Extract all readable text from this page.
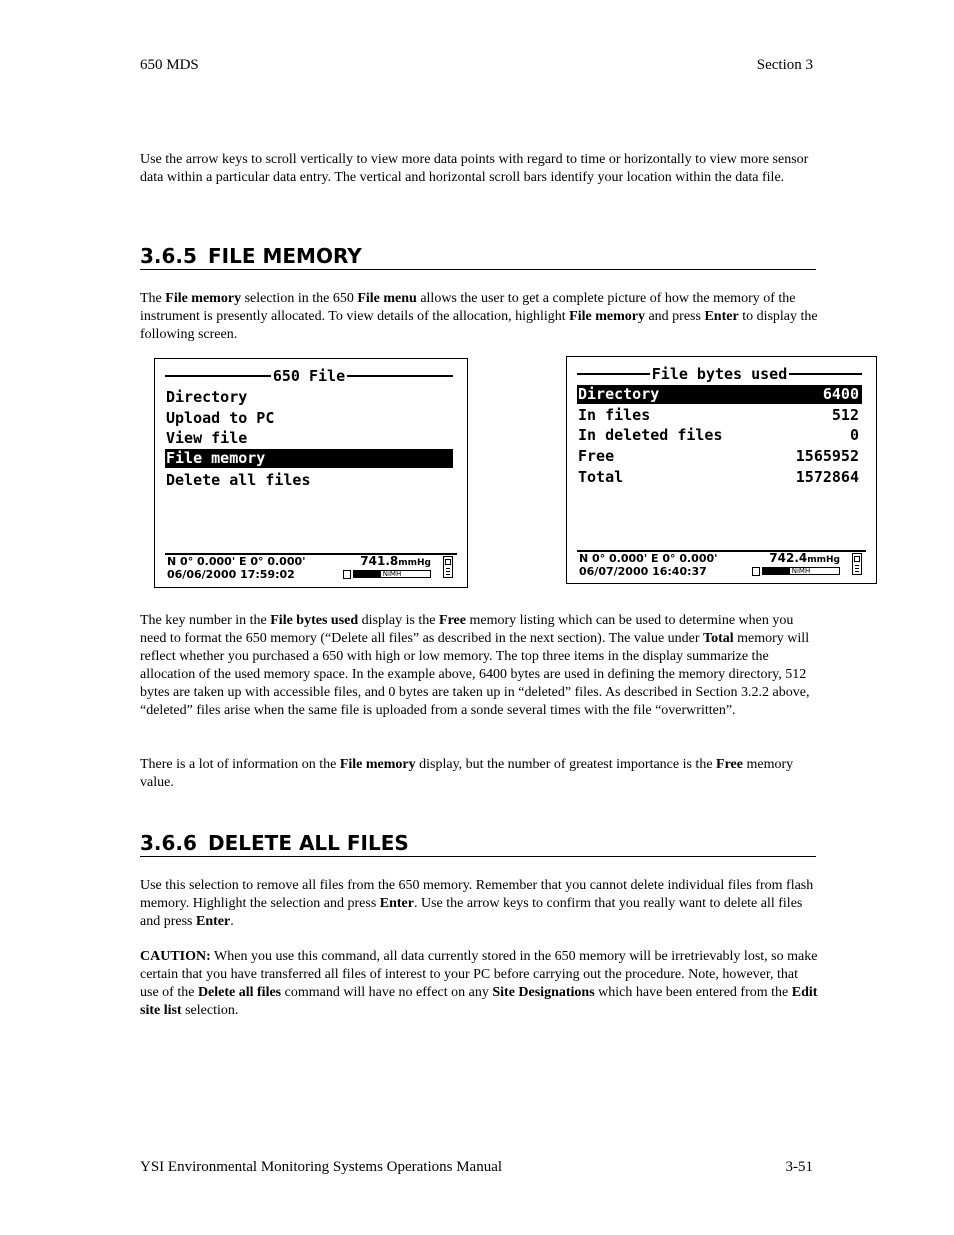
650 MDS	Section 3

Use the arrow keys to scroll vertically to view more data points with regard to time or horizontally to view more sensor data within a particular data entry. The vertical and horizontal scroll bars identify your location within the data file.

3.6.5 FILE MEMORY

The File memory selection in the 650 File menu allows the user to get a complete picture of how the memory of the instrument is presently allocated. To view details of the allocation, highlight File memory and press Enter to display the following screen.

650 File
Directory
Upload to PC
View file
File memory
Delete all files
N 0° 0.000' E 0° 0.000'
06/06/2000 17:59:02
741.8mmHg
NiMH
File bytes used
Directory	6400
In files	512
In deleted files	0
Free	1565952
Total	1572864
N 0° 0.000' E 0° 0.000'
06/07/2000 16:40:37
742.4mmHg
NiMH

The key number in the File bytes used display is the Free memory listing which can be used to determine when you need to format the 650 memory (“Delete all files” as described in the next section). The value under Total memory will reflect whether you purchased a 650 with high or low memory. The top three items in the display summarize the allocation of the used memory space. In the example above, 6400 bytes are used in defining the memory directory, 512 bytes are taken up with accessible files, and 0 bytes are taken up in “deleted” files. As described in Section 3.2.2 above, “deleted” files arise when the same file is uploaded from a sonde several times with the file “overwritten”.

There is a lot of information on the File memory display, but the number of greatest importance is the Free memory value.

3.6.6 DELETE ALL FILES

Use this selection to remove all files from the 650 memory. Remember that you cannot delete individual files from flash memory. Highlight the selection and press Enter. Use the arrow keys to confirm that you really want to delete all files and press Enter.

CAUTION: When you use this command, all data currently stored in the 650 memory will be irretrievably lost, so make certain that you have transferred all files of interest to your PC before carrying out the procedure. Note, however, that use of the Delete all files command will have no effect on any Site Designations which have been entered from the Edit site list selection.

YSI Environmental Monitoring Systems Operations Manual	3-51
